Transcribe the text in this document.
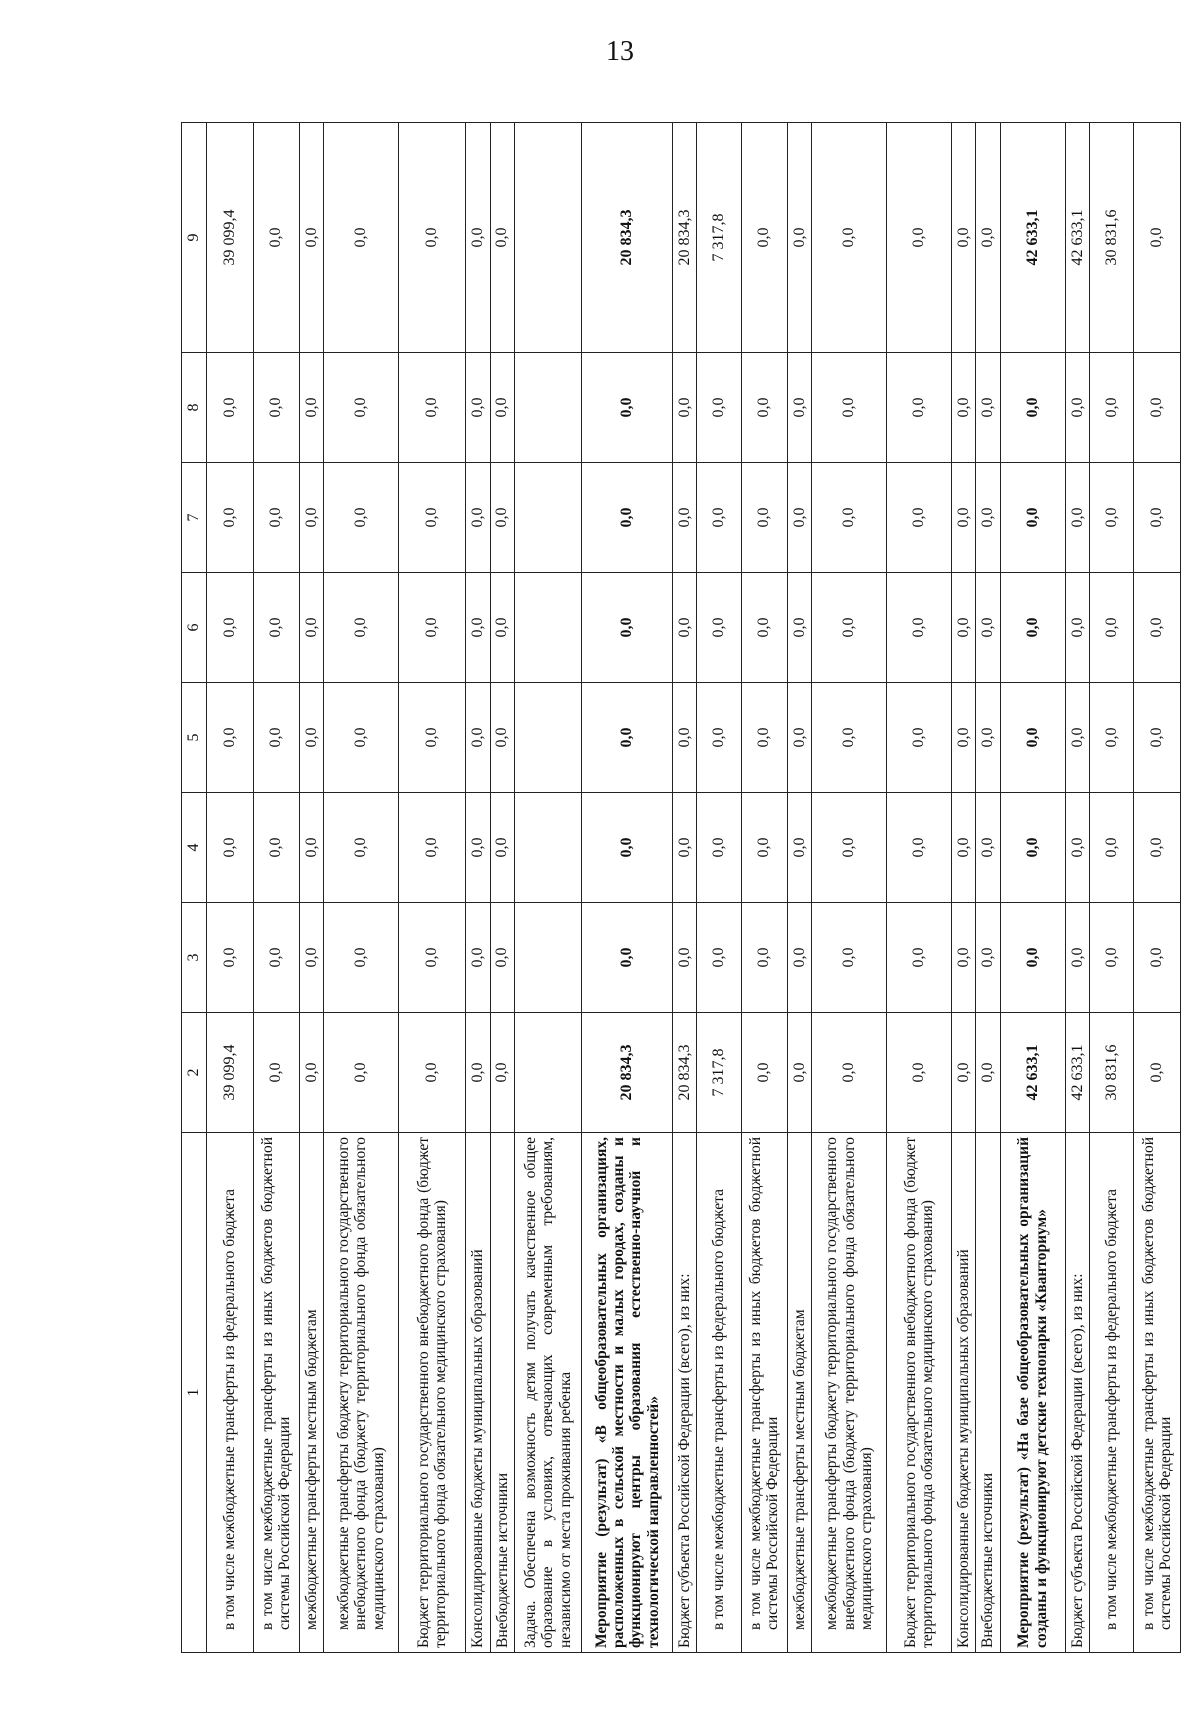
13
1	2	3	4	5	6	7	8	9
в том числе межбюджетные трансферты из федерального бюджета	39 099,4	0,0	0,0	0,0	0,0	0,0	0,0	39 099,4
в том числе межбюджетные трансферты из иных бюджетов бюджетной системы Российской Федерации	0,0	0,0	0,0	0,0	0,0	0,0	0,0	0,0
межбюджетные трансферты местным бюджетам	0,0	0,0	0,0	0,0	0,0	0,0	0,0	0,0
межбюджетные трансферты бюджету территориального государственного внебюджетного фонда (бюджету территориального фонда обязательного медицинского страхования)	0,0	0,0	0,0	0,0	0,0	0,0	0,0	0,0
Бюджет территориального государственного внебюджетного фонда (бюджет территориального фонда обязательного медицинского страхования)	0,0	0,0	0,0	0,0	0,0	0,0	0,0	0,0
Консолидированные бюджеты муниципальных образований	0,0	0,0	0,0	0,0	0,0	0,0	0,0	0,0
Внебюджетные источники	0,0	0,0	0,0	0,0	0,0	0,0	0,0	0,0
Задача. Обеспечена возможность детям получать качественное общее образование в условиях, отвечающих современным требованиям, независимо от места проживания ребенка								
Мероприятие (результат) «В общеобразовательных организациях, расположенных в сельской местности и малых городах, созданы и функционируют центры образования естественно-научной и технологической направленностей»	20 834,3	0,0	0,0	0,0	0,0	0,0	0,0	20 834,3
Бюджет субъекта Российской Федерации (всего), из них:	20 834,3	0,0	0,0	0,0	0,0	0,0	0,0	20 834,3
в том числе межбюджетные трансферты из федерального бюджета	7 317,8	0,0	0,0	0,0	0,0	0,0	0,0	7 317,8
в том числе межбюджетные трансферты из иных бюджетов бюджетной системы Российской Федерации	0,0	0,0	0,0	0,0	0,0	0,0	0,0	0,0
межбюджетные трансферты местным бюджетам	0,0	0,0	0,0	0,0	0,0	0,0	0,0	0,0
межбюджетные трансферты бюджету территориального государственного внебюджетного фонда (бюджету территориального фонда обязательного медицинского страхования)	0,0	0,0	0,0	0,0	0,0	0,0	0,0	0,0
Бюджет территориального государственного внебюджетного фонда (бюджет территориального фонда обязательного медицинского страхования)	0,0	0,0	0,0	0,0	0,0	0,0	0,0	0,0
Консолидированные бюджеты муниципальных образований	0,0	0,0	0,0	0,0	0,0	0,0	0,0	0,0
Внебюджетные источники	0,0	0,0	0,0	0,0	0,0	0,0	0,0	0,0
Мероприятие (результат) «На базе общеобразовательных организаций созданы и функционируют детские технопарки «Кванториум»	42 633,1	0,0	0,0	0,0	0,0	0,0	0,0	42 633,1
Бюджет субъекта Российской Федерации (всего), из них:	42 633,1	0,0	0,0	0,0	0,0	0,0	0,0	42 633,1
в том числе межбюджетные трансферты из федерального бюджета	30 831,6	0,0	0,0	0,0	0,0	0,0	0,0	30 831,6
в том числе межбюджетные трансферты из иных бюджетов бюджетной системы Российской Федерации	0,0	0,0	0,0	0,0	0,0	0,0	0,0	0,0
